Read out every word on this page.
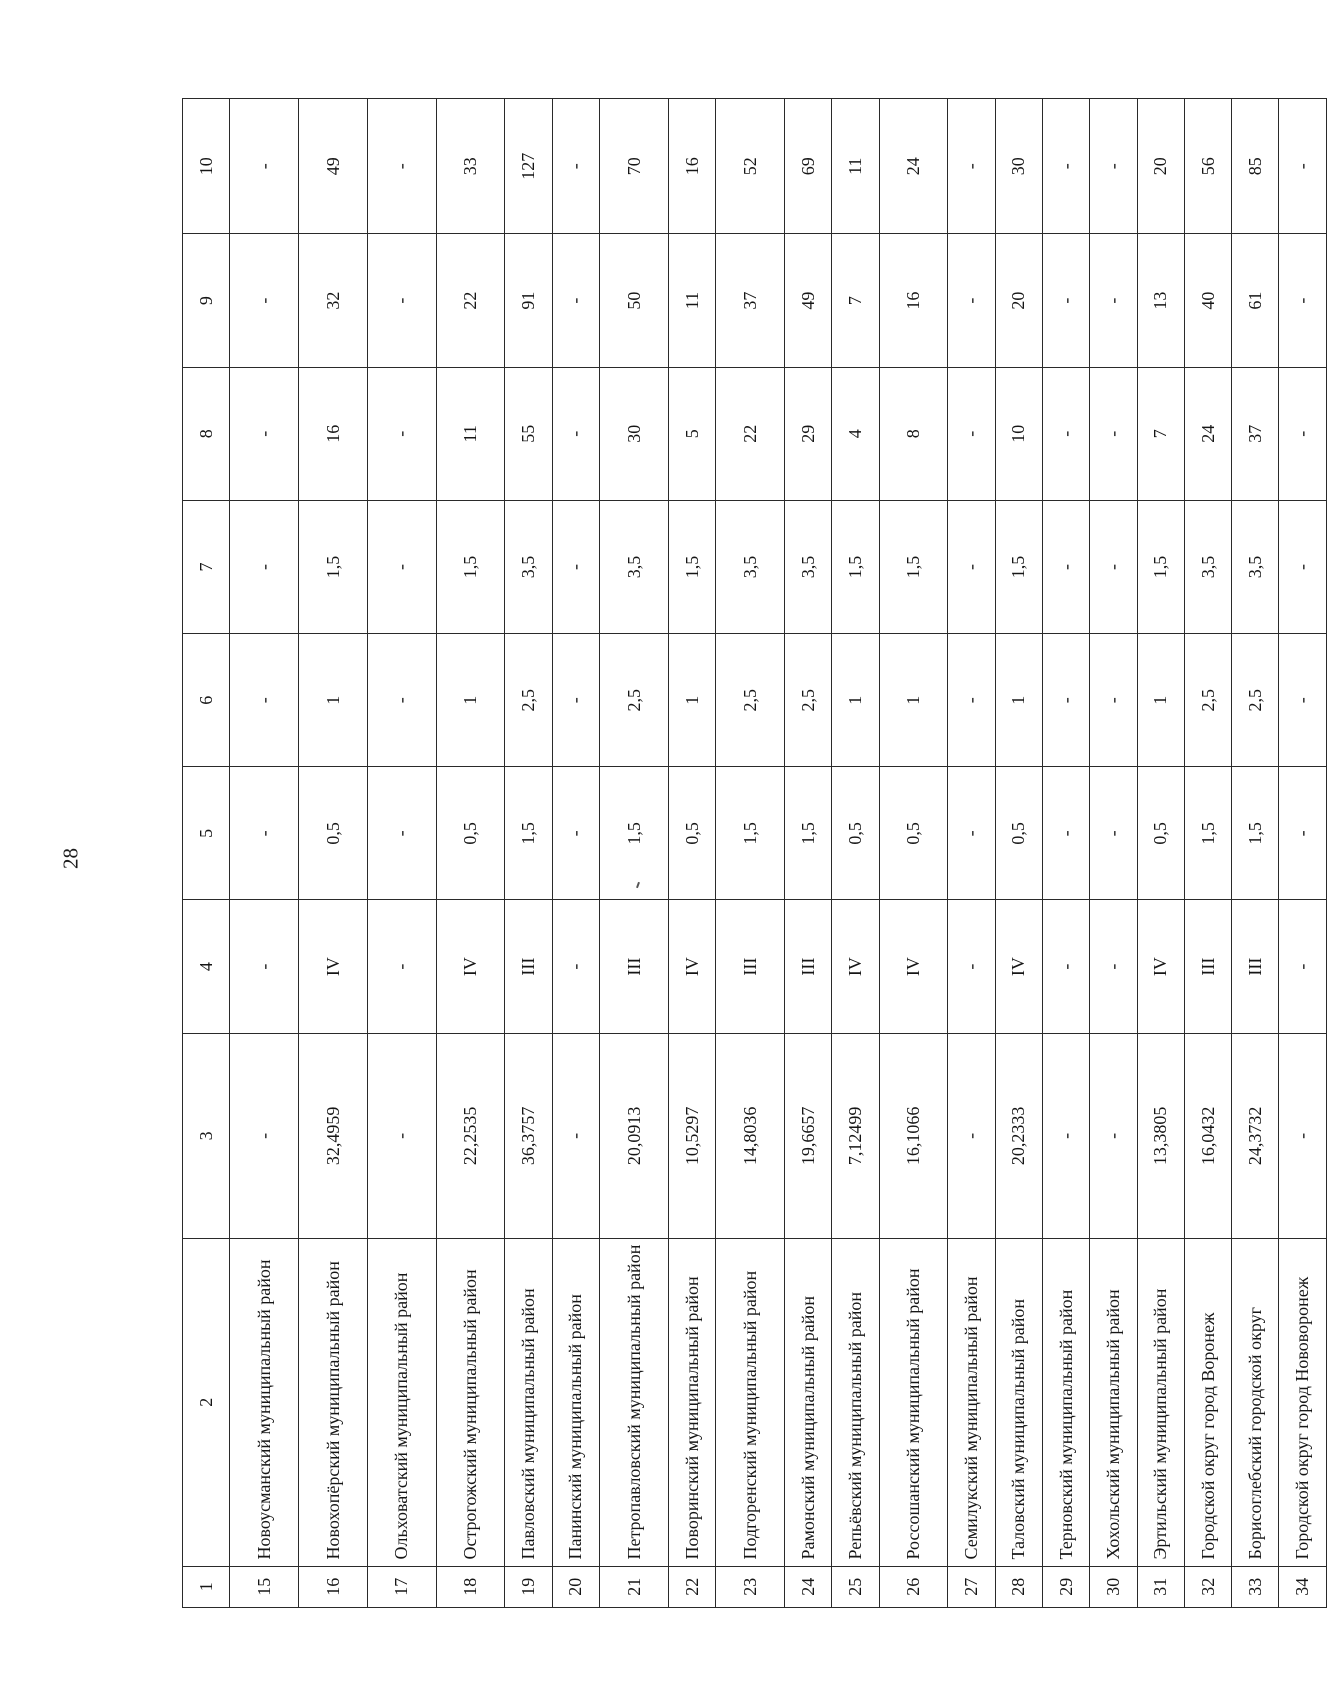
28
1	2	3	4	5	6	7	8	9	10
15	Новоусманский муниципальный район	-	-	-	-	-	-	-	-
16	Новохопёрский муниципальный район	32,4959	IV	0,5	1	1,5	16	32	49
17	Ольховатский муниципальный район	-	-	-	-	-	-	-	-
18	Острогожский муниципальный район	22,2535	IV	0,5	1	1,5	11	22	33
19	Павловский муниципальный район	36,3757	III	1,5	2,5	3,5	55	91	127
20	Панинский муниципальный район	-	-	-	-	-	-	-	-
21	Петропавловский муниципальный район	20,0913	III	1,5	2,5	3,5	30	50	70
22	Поворинский муниципальный район	10,5297	IV	0,5	1	1,5	5	11	16
23	Подгоренский муниципальный район	14,8036	III	1,5	2,5	3,5	22	37	52
24	Рамонский муниципальный район	19,6657	III	1,5	2,5	3,5	29	49	69
25	Репьёвский муниципальный район	7,12499	IV	0,5	1	1,5	4	7	11
26	Россошанский муниципальный район	16,1066	IV	0,5	1	1,5	8	16	24
27	Семилукский муниципальный район	-	-	-	-	-	-	-	-
28	Таловский муниципальный район	20,2333	IV	0,5	1	1,5	10	20	30
29	Терновский муниципальный район	-	-	-	-	-	-	-	-
30	Хохольский муниципальный район	-	-	-	-	-	-	-	-
31	Эртильский муниципальный район	13,3805	IV	0,5	1	1,5	7	13	20
32	Городской округ город Воронеж	16,0432	III	1,5	2,5	3,5	24	40	56
33	Борисоглебский городской округ	24,3732	III	1,5	2,5	3,5	37	61	85
34	Городской округ город Нововоронеж	-	-	-	-	-	-	-	-
